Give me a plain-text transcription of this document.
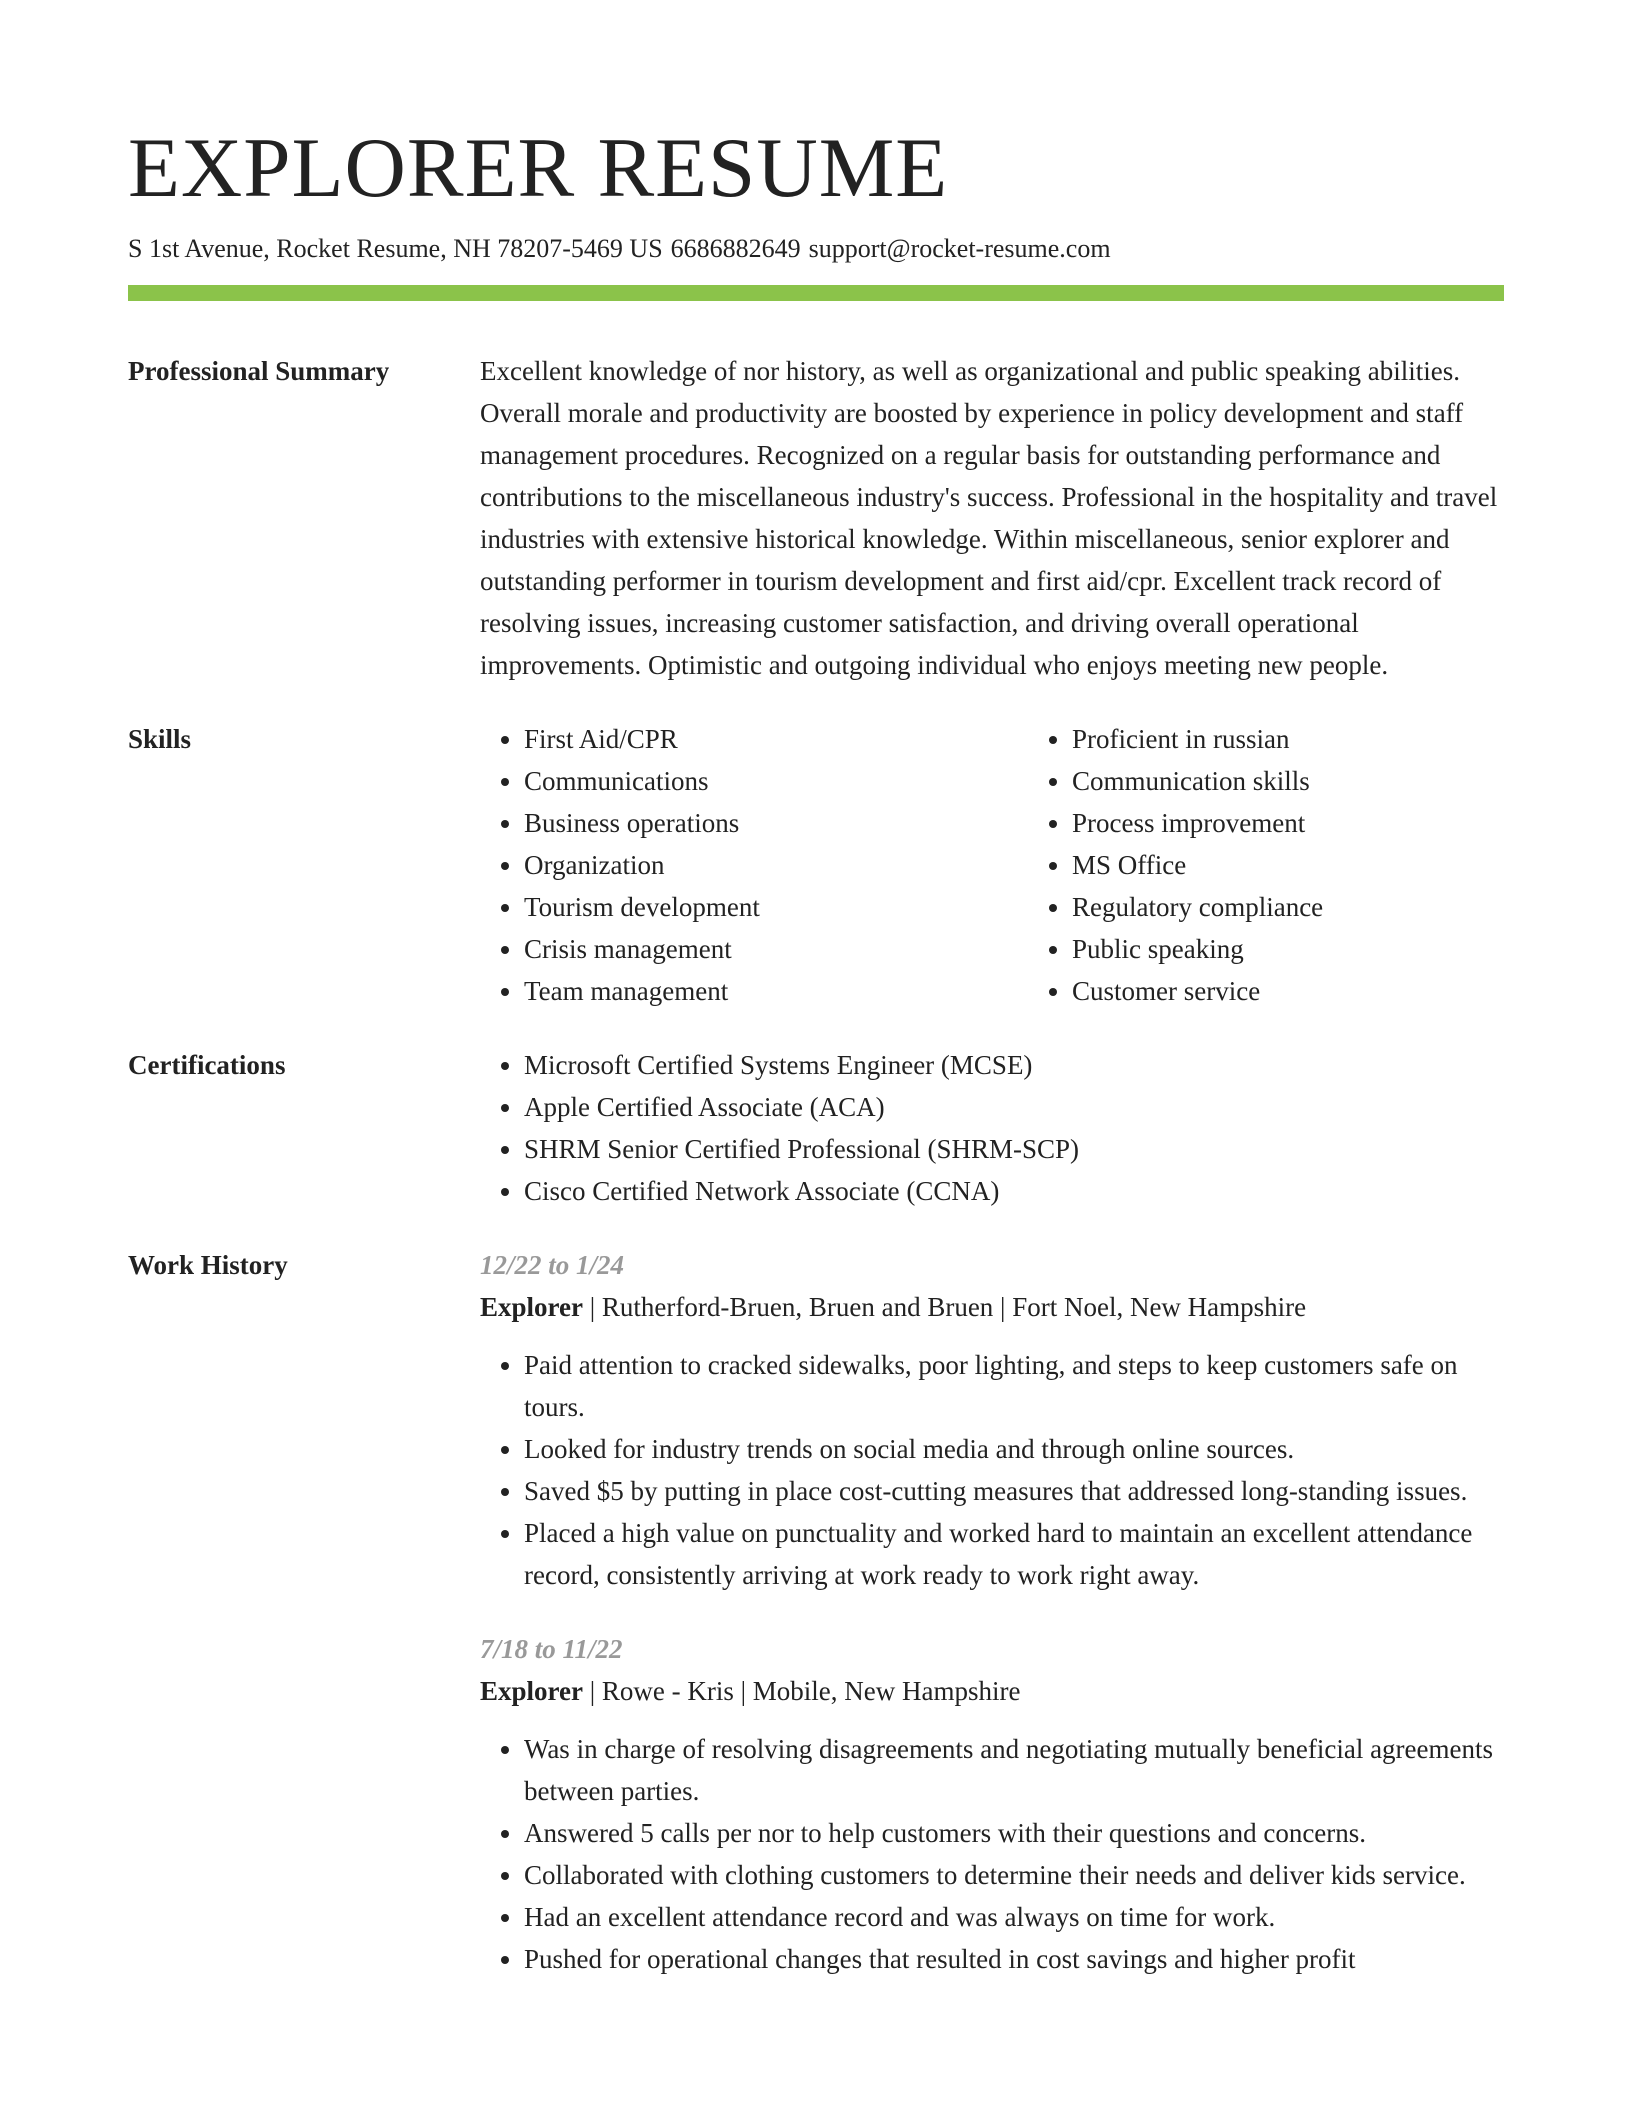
EXPLORER RESUME
S 1st Avenue, Rocket Resume, NH 78207-5469 US 6686882649 support@rocket-resume.com
Professional Summary	Excellent knowledge of nor history, as well as organizational and public speaking abilities. Overall morale and productivity are boosted by experience in policy development and staff management procedures. Recognized on a regular basis for outstanding performance and contributions to the miscellaneous industry's success. Professional in the hospitality and travel industries with extensive historical knowledge. Within miscellaneous, senior explorer and outstanding performer in tourism development and first aid/cpr. Excellent track record of resolving issues, increasing customer satisfaction, and driving overall operational improvements. Optimistic and outgoing individual who enjoys meeting new people.

Skills	• First Aid/CPR
• Communications
• Business operations
• Organization
• Tourism development
• Crisis management
• Team management
• Proficient in russian
• Communication skills
• Process improvement
• MS Office
• Regulatory compliance
• Public speaking
• Customer service
Certifications	• Microsoft Certified Systems Engineer (MCSE)
• Apple Certified Associate (ACA)
• SHRM Senior Certified Professional (SHRM-SCP)
• Cisco Certified Network Associate (CCNA)
Work History	12/22 to 1/24
Explorer | Rutherford-Bruen, Bruen and Bruen | Fort Noel, New Hampshire
• Paid attention to cracked sidewalks, poor lighting, and steps to keep customers safe on tours.
• Looked for industry trends on social media and through online sources.
• Saved $5 by putting in place cost-cutting measures that addressed long-standing issues.
• Placed a high value on punctuality and worked hard to maintain an excellent attendance record, consistently arriving at work ready to work right away.
7/18 to 11/22
Explorer | Rowe - Kris | Mobile, New Hampshire
• Was in charge of resolving disagreements and negotiating mutually beneficial agreements between parties.
• Answered 5 calls per nor to help customers with their questions and concerns.
• Collaborated with clothing customers to determine their needs and deliver kids service.
• Had an excellent attendance record and was always on time for work.
• Pushed for operational changes that resulted in cost savings and higher profit
